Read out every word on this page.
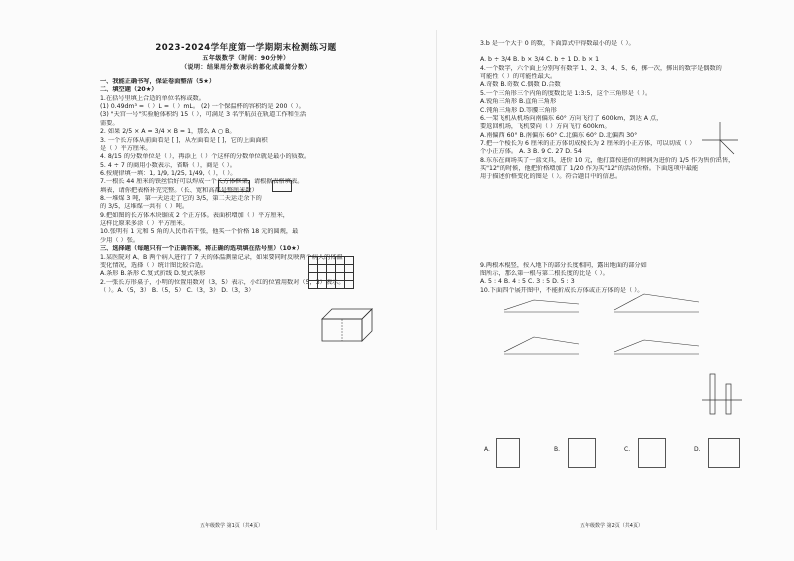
2023-2024学年度第一学期期末检测练习题
五年级数学（时间：90分钟）
（说明：结果用分数表示的都化成最简分数）
一、我能正确书写，保证卷面整洁（5★）
二、填空题（20★）
1.在括号里填上合适的单位名称或数。
(1) 0.49dm³ =（ ）L =（ ）mL。 (2) 一个保温杯的容积约是 200（ ）。
(3) "天宫一号"实验舱体积约 15（ ），可满足 3 名宇航员在轨道工作和生活
需要。
2. 如果 2/5 × A = 3/4 × B = 1，那么 A ○ B。
3. 一个长方体从前面看是 [ ]，从左面看是 [ ]，它的上面面积
是（ ）平方厘米。
4. 8/15 的分数单位是（ ），再添上（ ）个这样的分数单位就是最小的质数。
5. 4 ÷ 7 的商用小数表示，省略（ ），商是（ ）。
6.按规律填一填：1, 1/9, 1/25, 1/49,（ ），（ ）。
7.一根长 44 厘米的铁丝恰好可以焊成一个长方体框架，请根据表格填表。
填表，请你把表格补充完整。（长、宽和高都是整厘米数）
8.一堆煤 3 吨，第一天运走了它的 3/5，第二天运走余下的
的 3/5，这堆煤一共有（ ）吨。
9.把如图的长方体木块锯成 2 个正方体。表面积增加（ ）平方厘米，
这样比原来多涂（ ）平方厘米。
10.张明有 1 元和 5 角的人民币若干张，他买一个价格 18 元的圆规，最
少用（ ）张。
三、选择题（每题只有一个正确答案，将正确的选项填在括号里）（10★）
1.某医院对 A、B 两个病人进行了 7 天的体温测量记录，如果要同时反映两个病人的体温
变化情况，选择（ ）统计图比较合适。
A.条形 B.条形 C.复式折线 D.复式条形
2.一张长方形桌子，小明的位置用数对（3，5）表示，小红的位置用数对（5，3）表示。
（ ）。A.（5，3） B.（5，5） C.（3，3） D.（3，3）

3.b 是一个大于 0 的数，下面算式中得数最小的是（ ）。
A. b ÷ 3/4 B. b × 3/4 C. b ÷ 1 D. b × 1
4.一个数字，六个面上分别写有数字 1、2、3、4、5、6，掷一次，掷出的数字是偶数的
可能性（ ）的可能性最大。
A.奇数 B.奇数 C.偶数 D.合数
5.一个三角形三个内角的度数比是 1:3:5，这个三角形是（ ）。
A.锐角三角形 B.直角三角形
C.钝角三角形 D.等腰三角形
6.一架飞机从机场向南偏东 60° 方向飞行了 600km，到达 A 点，
要返回机场，飞机要向（ ）方向飞行 600km。
A.南偏西 60° B.南偏东 60° C.北偏东 60° D.北偏西 30°
7.把一个棱长为 6 厘米的正方体切成棱长为 2 厘米的小正方体，可以切成（ ）
个小正方体。 A. 3 B. 9 C. 27 D. 54
8.东东在商场买了一盒文具，进价 10 元，他打算按进价的利润为进价的 1/5 作为售价出售，
买"12"的时候，他把价格增加了 1/20 作为买"12"的活动价格。下面选项中最能
用于描述价格变化的图是（ ）。符合题目中的信息。
9.两根木棍竖，按入地下的部分长度相同，露出地面的部分如
图所示，那么第一根与第二根长度的比是（ ）。
A. 5 : 4 B. 4 : 5 C. 3 : 5 D. 5 : 3
10.下面四个展开图中，不能折成长方体或正方体的是（ ）。
A.	B.	C.	D.
五年级数学 第1页（共4页）	五年级数学 第2页（共4页）
